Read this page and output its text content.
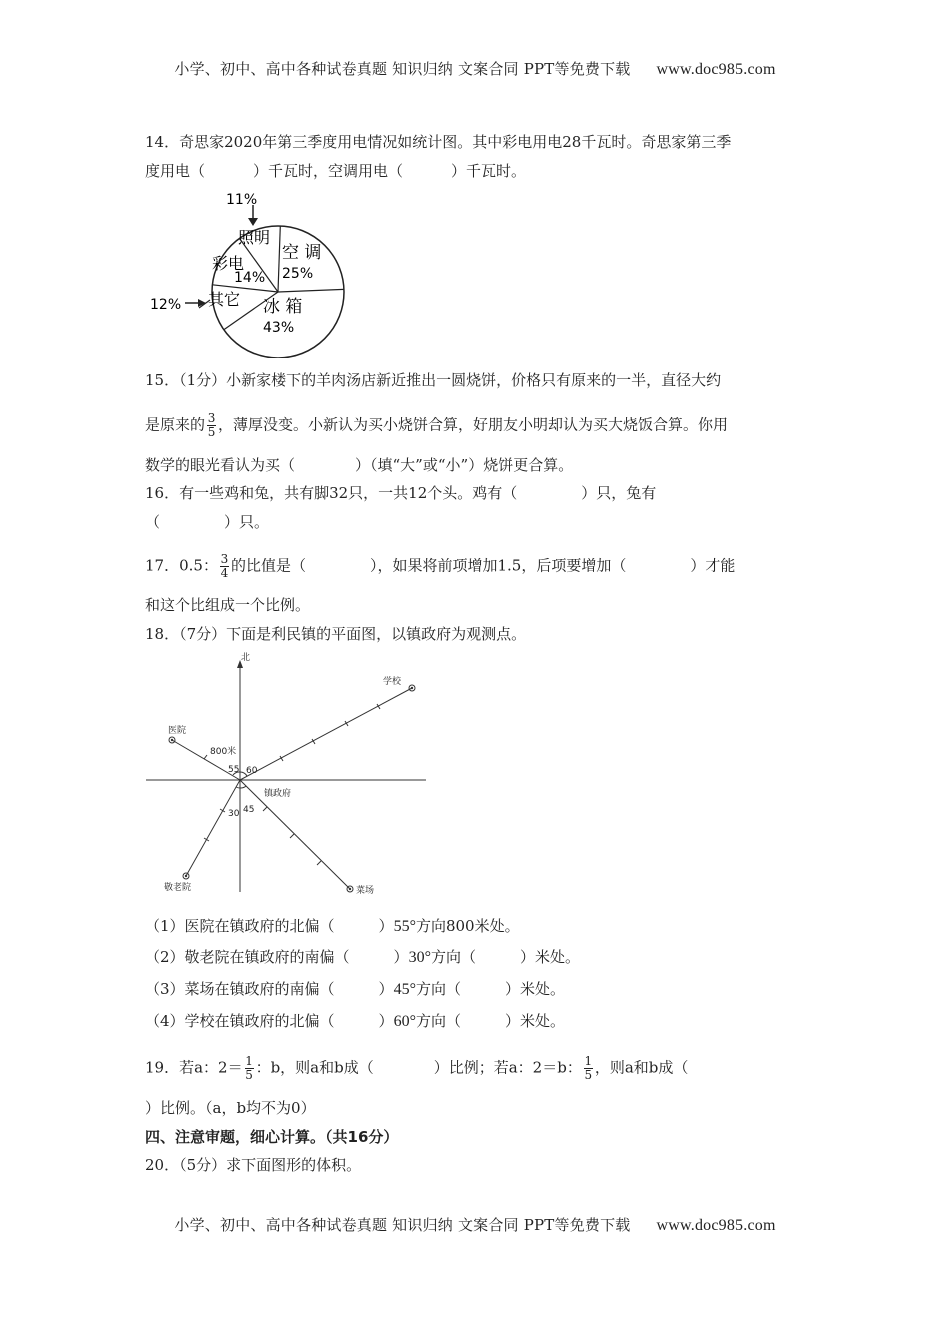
小学、初中、高中各种试卷真题 知识归纳 文案合同 PPT等免费下载 www.doc985.com
14．奇思家2020年第三季度用电情况如统计图。其中彩电用电28千瓦时。奇思家第三季
度用电（	）千瓦时，空调用电（	）千瓦时。
11%
照明
空 调
25%
彩电
14%
其它
12%	冰 箱
43%
15．（1分）小新家楼下的羊肉汤店新近推出一圆烧饼，价格只有原来的一半，直径大约
是原来的 $\frac{3}{5}$ ，薄厚没变。小新认为买小烧饼合算，好朋友小明却认为买大烧饭合算。你用
数学的眼光看认为买（	）（填“大”或“小”）烧饼更合算。
16．有一些鸡和兔，共有脚32只，一共12个头。鸡有（	）只，兔有
（	）只。
17．0.5： $\frac{3}{4}$ 的比值是（	），如果将前项增加1.5，后项要增加（	）才能
和这个比组成一个比例。
18．（7分）下面是利民镇的平面图，以镇政府为观测点。
北
学校
医院
800米
55 60
镇政府
30 45
敬老院	菜场
（1）医院在镇政府的北偏（	）55°方向800米处。
（2）敬老院在镇政府的南偏（	）30°方向（	）米处。
（3）菜场在镇政府的南偏（	）45°方向（	）米处。
（4）学校在镇政府的北偏（	）60°方向（	）米处。
19．若a：$2= \frac{1}{5}$ ：b，则a和b成（	）比例；若a：2＝b： $\frac{1}{5}$ ，则a和b成（
）比例。（a，b均不为0）
四、注意审题，细心计算。（共16分）
20．（5分）求下面图形的体积。
小学、初中、高中各种试卷真题 知识归纳 文案合同 PPT等免费下载 www.doc985.com
